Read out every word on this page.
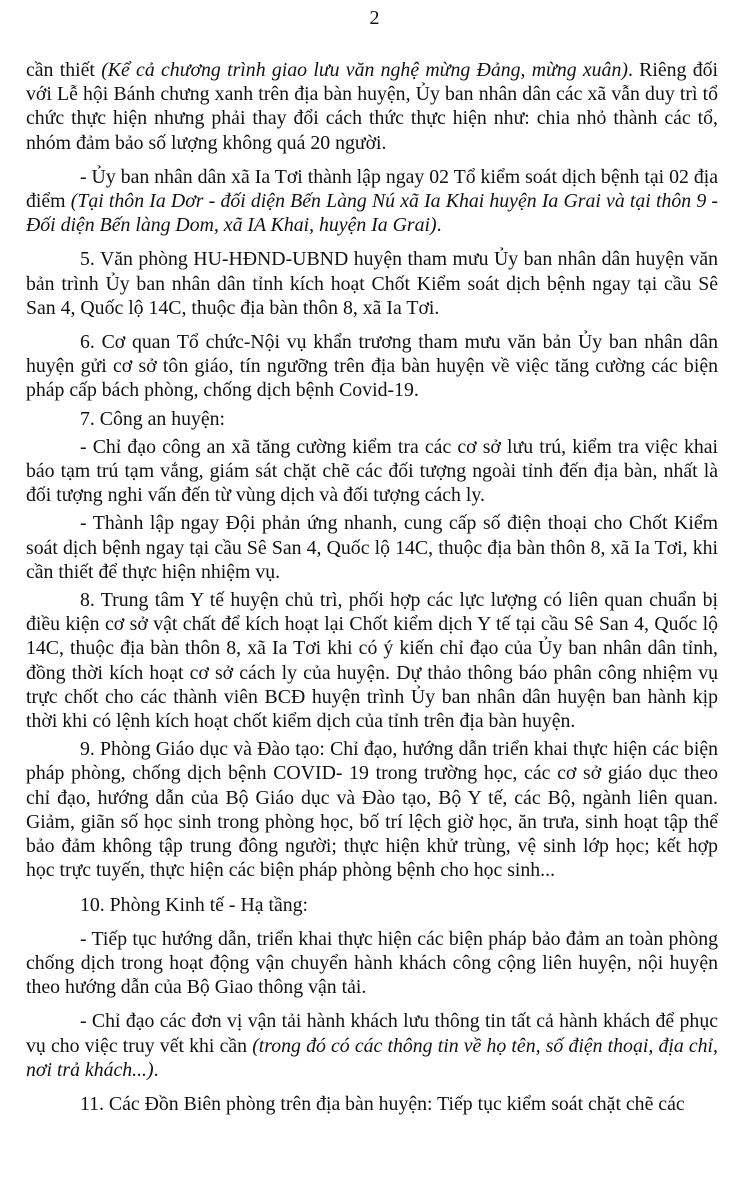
2

cần thiết (Kể cả chương trình giao lưu văn nghệ mừng Đảng, mừng xuân). Riêng đối với Lễ hội Bánh chưng xanh trên địa bàn huyện, Ủy ban nhân dân các xã vẫn duy trì tổ chức thực hiện nhưng phải thay đổi cách thức thực hiện như: chia nhỏ thành các tổ, nhóm đảm bảo số lượng không quá 20 người.

- Ủy ban nhân dân xã Ia Tơi thành lập ngay 02 Tổ kiểm soát dịch bệnh tại 02 địa điểm (Tại thôn Ia Dơr - đối diện Bến Làng Nú xã Ia Khai huyện Ia Grai và tại thôn 9 - Đối diện Bến làng Dom, xã IA Khai, huyện Ia Grai).

5. Văn phòng HU-HĐND-UBND huyện tham mưu Ủy ban nhân dân huyện văn bản trình Ủy ban nhân dân tỉnh kích hoạt Chốt Kiểm soát dịch bệnh ngay tại cầu Sê San 4, Quốc lộ 14C, thuộc địa bàn thôn 8, xã Ia Tơi.

6. Cơ quan Tổ chức-Nội vụ khẩn trương tham mưu văn bản Ủy ban nhân dân huyện gửi cơ sở tôn giáo, tín ngưỡng trên địa bàn huyện về việc tăng cường các biện pháp cấp bách phòng, chống dịch bệnh Covid-19.

7. Công an huyện:

- Chỉ đạo công an xã tăng cường kiểm tra các cơ sở lưu trú, kiểm tra việc khai báo tạm trú tạm vắng, giám sát chặt chẽ các đối tượng ngoài tỉnh đến địa bàn, nhất là đối tượng nghi vấn đến từ vùng dịch và đối tượng cách ly.

- Thành lập ngay Đội phản ứng nhanh, cung cấp số điện thoại cho Chốt Kiểm soát dịch bệnh ngay tại cầu Sê San 4, Quốc lộ 14C, thuộc địa bàn thôn 8, xã Ia Tơi, khi cần thiết để thực hiện nhiệm vụ.

8. Trung tâm Y tế huyện chủ trì, phối hợp các lực lượng có liên quan chuẩn bị điều kiện cơ sở vật chất để kích hoạt lại Chốt kiểm dịch Y tế tại cầu Sê San 4, Quốc lộ 14C, thuộc địa bàn thôn 8, xã Ia Tơi khi có ý kiến chỉ đạo của Ủy ban nhân dân tỉnh, đồng thời kích hoạt cơ sở cách ly của huyện. Dự thảo thông báo phân công nhiệm vụ trực chốt cho các thành viên BCĐ huyện trình Ủy ban nhân dân huyện ban hành kịp thời khi có lệnh kích hoạt chốt kiểm dịch của tỉnh trên địa bàn huyện.

9. Phòng Giáo dục và Đào tạo: Chỉ đạo, hướng dẫn triển khai thực hiện các biện pháp phòng, chống dịch bệnh COVID- 19 trong trường học, các cơ sở giáo dục theo chỉ đạo, hướng dẫn của Bộ Giáo dục và Đào tạo, Bộ Y tế, các Bộ, ngành liên quan. Giảm, giãn số học sinh trong phòng học, bố trí lệch giờ học, ăn trưa, sinh hoạt tập thể bảo đảm không tập trung đông người; thực hiện khử trùng, vệ sinh lớp học; kết hợp học trực tuyến, thực hiện các biện pháp phòng bệnh cho học sinh...

10. Phòng Kinh tế - Hạ tầng:

- Tiếp tục hướng dẫn, triển khai thực hiện các biện pháp bảo đảm an toàn phòng chống dịch trong hoạt động vận chuyển hành khách công cộng liên huyện, nội huyện theo hướng dẫn của Bộ Giao thông vận tải.

- Chỉ đạo các đơn vị vận tải hành khách lưu thông tin tất cả hành khách để phục vụ cho việc truy vết khi cần (trong đó có các thông tin về họ tên, số điện thoại, địa chỉ, nơi trả khách...).

11. Các Đồn Biên phòng trên địa bàn huyện: Tiếp tục kiểm soát chặt chẽ các
